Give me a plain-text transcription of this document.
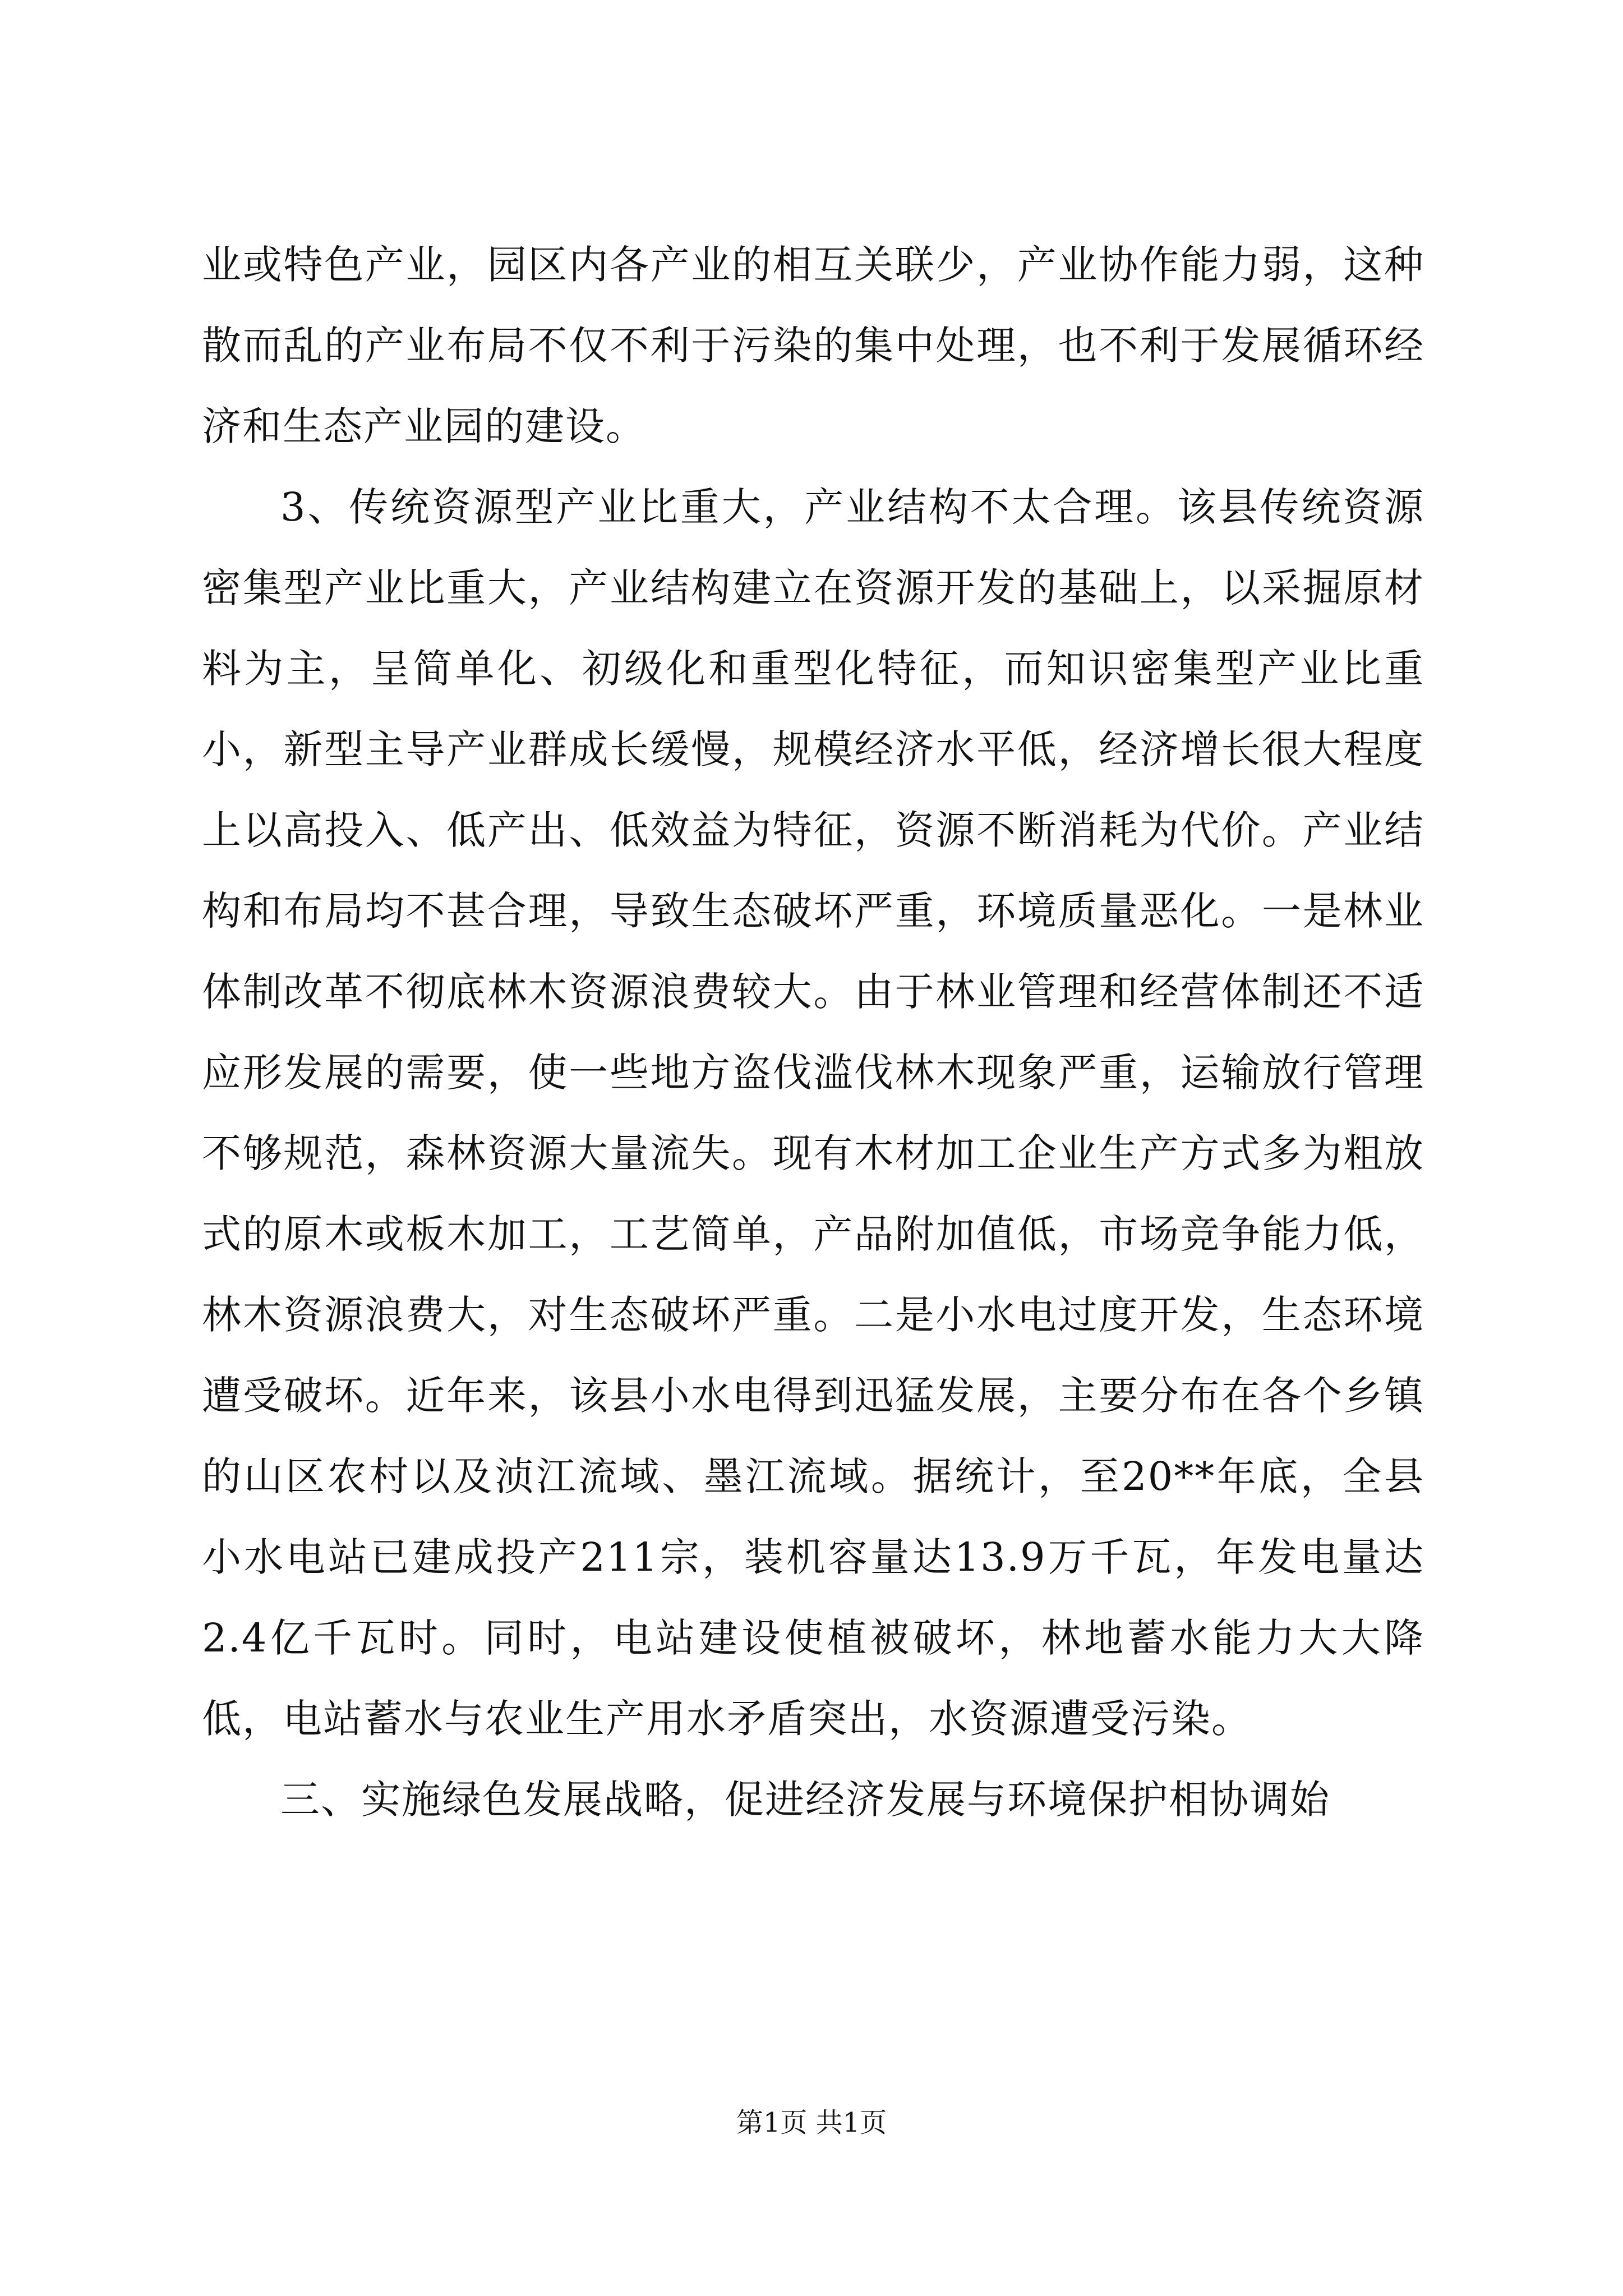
业或特色产业，园区内各产业的相互关联少，产业协作能力弱，这种散而乱的产业布局不仅不利于污染的集中处理，也不利于发展循环经济和生态产业园的建设。

3、传统资源型产业比重大，产业结构不太合理。该县传统资源密集型产业比重大，产业结构建立在资源开发的基础上，以采掘原材料为主，呈简单化、初级化和重型化特征，而知识密集型产业比重小，新型主导产业群成长缓慢，规模经济水平低，经济增长很大程度上以高投入、低产出、低效益为特征，资源不断消耗为代价。产业结构和布局均不甚合理，导致生态破坏严重，环境质量恶化。一是林业体制改革不彻底林木资源浪费较大。由于林业管理和经营体制还不适应形发展的需要，使一些地方盗伐滥伐林木现象严重，运输放行管理不够规范，森林资源大量流失。现有木材加工企业生产方式多为粗放式的原木或板木加工，工艺简单，产品附加值低，市场竞争能力低，林木资源浪费大，对生态破坏严重。二是小水电过度开发，生态环境遭受破坏。近年来，该县小水电得到迅猛发展，主要分布在各个乡镇的山区农村以及浈江流域、墨江流域。据统计，至20**年底，全县小水电站已建成投产211宗，装机容量达13.9万千瓦，年发电量达2.4亿千瓦时。同时，电站建设使植被破坏，林地蓄水能力大大降低，电站蓄水与农业生产用水矛盾突出，水资源遭受污染。

三、实施绿色发展战略，促进经济发展与环境保护相协调始

第1页 共1页
